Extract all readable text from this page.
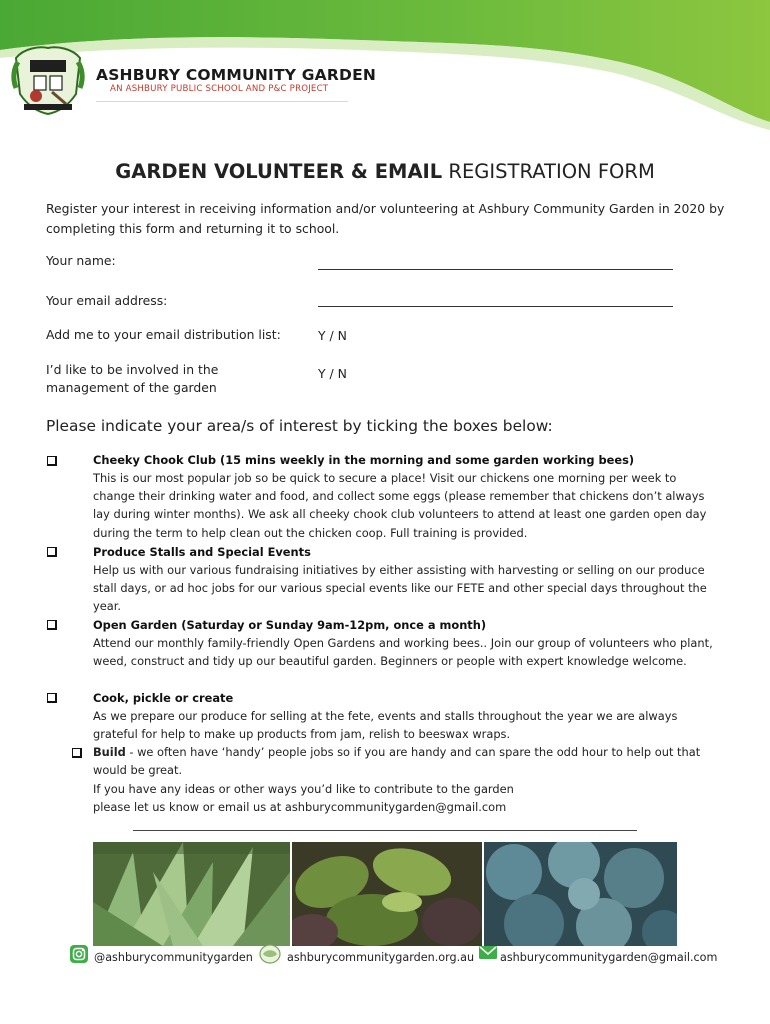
ASHBURY COMMUNITY GARDEN
AN ASHBURY PUBLIC SCHOOL AND P&C PROJECT
GARDEN VOLUNTEER & EMAIL REGISTRATION FORM
Register your interest in receiving information and/or volunteering at Ashbury Community Garden in 2020 by completing this form and returning it to school.
Your name:
Your email address:
Add me to your email distribution list:	Y / N
I’d like to be involved in the management of the garden
Y / N
Please indicate your area/s of interest by ticking the boxes below:
Cheeky Chook Club (15 mins weekly in the morning and some garden working bees)
This is our most popular job so be quick to secure a place! Visit our chickens one morning per week to change their drinking water and food, and collect some eggs (please remember that chickens don’t always lay during winter months). We ask all cheeky chook club volunteers to attend at least one garden open day during the term to help clean out the chicken coop. Full training is provided.
Produce Stalls and Special Events
Help us with our various fundraising initiatives by either assisting with harvesting or selling on our produce stall days, or ad hoc jobs for our various special events like our FETE and other special days throughout the year.
Open Garden (Saturday or Sunday 9am-12pm, once a month)
Attend our monthly family-friendly Open Gardens and working bees.. Join our group of volunteers who plant, weed, construct and tidy up our beautiful garden. Beginners or people with expert knowledge welcome.
Cook, pickle or create
As we prepare our produce for selling at the fete, events and stalls throughout the year we are always grateful for help to make up products from jam, relish to beeswax wraps.
Build - we often have ‘handy’ people jobs so if you are handy and can spare the odd hour to help out that would be great.
If you have any ideas or other ways you’d like to contribute to the garden
please let us know or email us at ashburycommunitygarden@gmail.com
@ashburycommunitygarden	ashburycommunitygarden.org.au ashburycommunitygarden@gmail.com
